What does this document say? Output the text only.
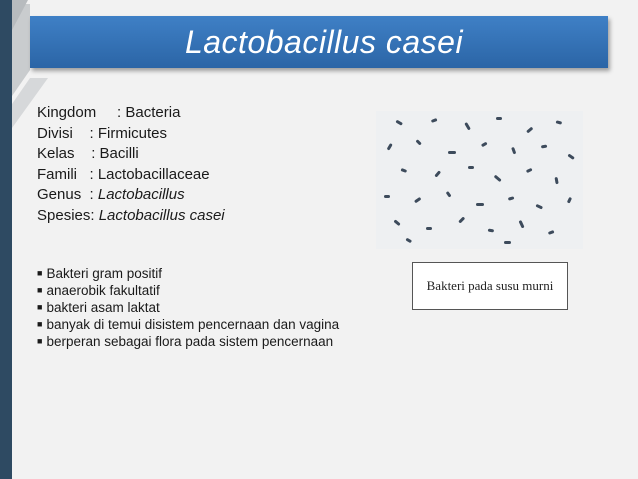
Lactobacillus casei
Kingdom     : Bacteria
Divisi    : Firmicutes
Kelas    : Bacilli
Famili   : Lactobacillaceae
Genus  : Lactobacillus
Spesies: Lactobacillus casei
Bakteri pada susu murni

■ Bakteri gram positif

■ anaerobik fakultatif

■ bakteri asam laktat

■ banyak di temui disistem pencernaan dan vagina

■ berperan sebagai flora pada sistem pencernaan
